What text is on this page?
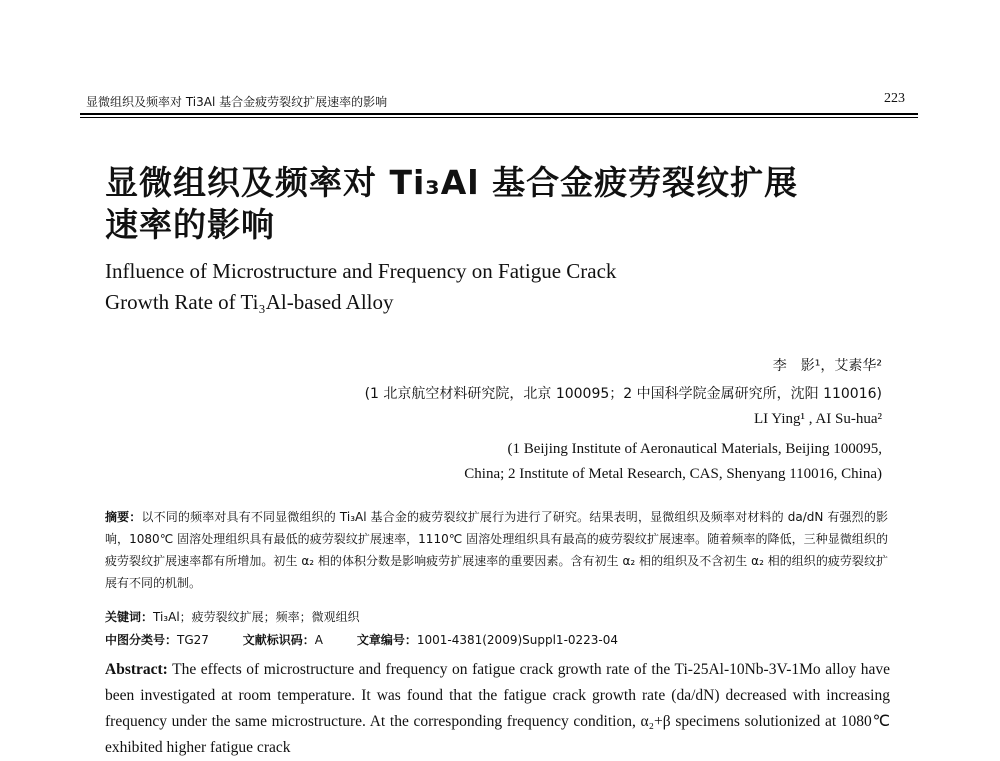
显微组织及频率对 Ti3Al 基合金疲劳裂纹扩展速率的影响	223
显微组织及频率对 Ti₃Al 基合金疲劳裂纹扩展
速率的影响
Influence of Microstructure and Frequency on Fatigue Crack
Growth Rate of Ti₃Al-based Alloy
李　影¹，艾素华²
(1 北京航空材料研究院，北京 100095；2 中国科学院金属研究所，沈阳 110016)
LI Ying¹ , AI Su-hua²
(1 Beijing Institute of Aeronautical Materials, Beijing 100095,
China; 2 Institute of Metal Research, CAS, Shenyang 110016, China)
摘要：以不同的频率对具有不同显微组织的 Ti₃Al 基合金的疲劳裂纹扩展行为进行了研究。结果表明，显微组织及频率对材料的 da/dN 有强烈的影响，1080℃ 固溶处理组织具有最低的疲劳裂纹扩展速率，1110℃ 固溶处理组织具有最高的疲劳裂纹扩展速率。随着频率的降低，三种显微组织的疲劳裂纹扩展速率都有所增加。初生 α₂ 相的体积分数是影响疲劳扩展速率的重要因素。含有初生 α₂ 相的组织及不含初生 α₂ 相的组织的疲劳裂纹扩展有不同的机制。
关键词：Ti₃Al；疲劳裂纹扩展；频率；微观组织
中图分类号：TG27	文献标识码：A	文章编号：1001-4381(2009)Suppl1-0223-04
Abstract: The effects of microstructure and frequency on fatigue crack growth rate of the Ti-25Al-10Nb-3V-1Mo alloy have been investigated at room temperature. It was found that the fatigue crack growth rate (da/dN) decreased with increasing frequency under the same microstructure. At the corresponding frequency condition, α₂+β specimens solutionized at 1080℃ exhibited higher fatigue crack
